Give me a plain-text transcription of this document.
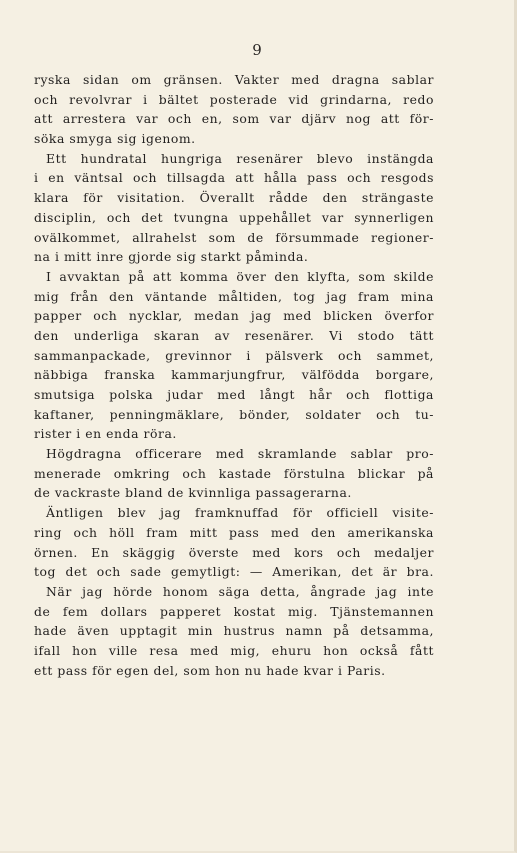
9
ryska sidan om gränsen. Vakter med dragna sablar
och revolvrar i bältet posterade vid grindarna, redo
att arrestera var och en, som var djärv nog att för-
söka smyga sig igenom.
Ett hundratal hungriga resenärer blevo instängda
i en väntsal och tillsagda att hålla pass och resgods
klara för visitation. Överallt rådde den strängaste
disciplin, och det tvungna uppehållet var synnerligen
ovälkommet, allrahelst som de försummade regioner-
na i mitt inre gjorde sig starkt påminda.
I avvaktan på att komma över den klyfta, som skilde
mig från den väntande måltiden, tog jag fram mina
papper och nycklar, medan jag med blicken överfor
den underliga skaran av resenärer. Vi stodo tätt
sammanpackade, grevinnor i pälsverk och sammet,
näbbiga franska kammarjungfrur, välfödda borgare,
smutsiga polska judar med långt hår och flottiga
kaftaner, penningmäklare, bönder, soldater och tu-
rister i en enda röra.
Högdragna officerare med skramlande sablar pro-
menerade omkring och kastade förstulna blickar på
de vackraste bland de kvinnliga passagerarna.
Äntligen blev jag framknuffad för officiell visite-
ring och höll fram mitt pass med den amerikanska
örnen. En skäggig överste med kors och medaljer
tog det och sade gemytligt: — Amerikan, det är bra.
När jag hörde honom säga detta, ångrade jag inte
de fem dollars papperet kostat mig. Tjänstemannen
hade även upptagit min hustrus namn på detsamma,
ifall hon ville resa med mig, ehuru hon också fått
ett pass för egen del, som hon nu hade kvar i Paris.
